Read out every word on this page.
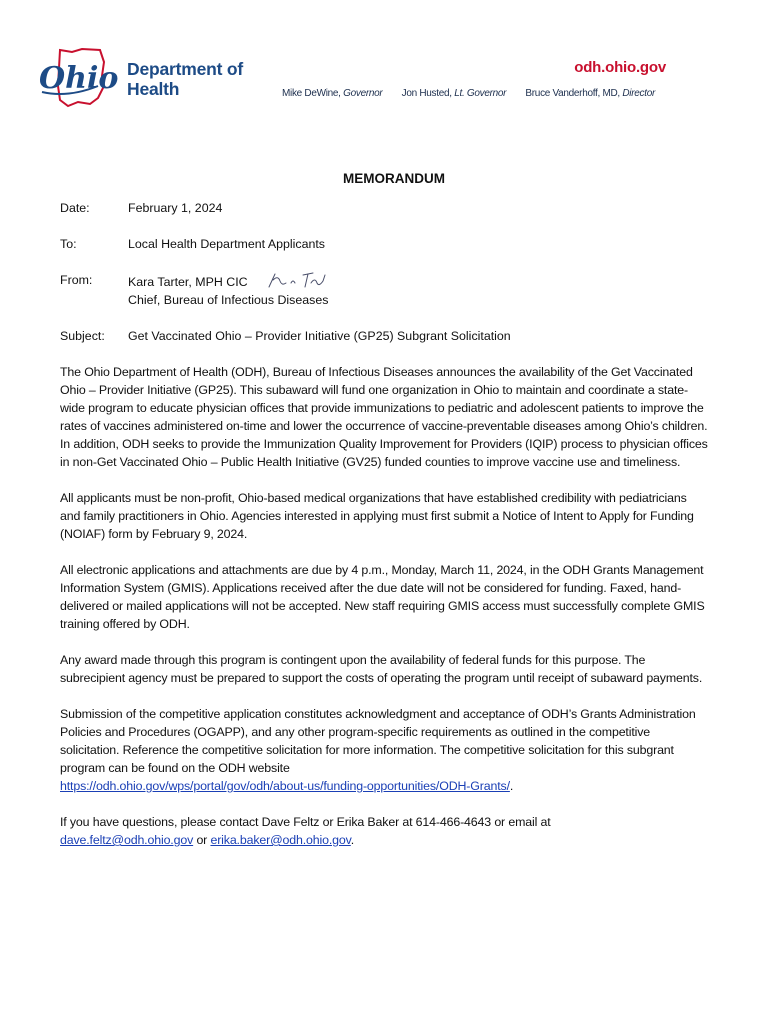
Ohio Department of
Health
odh.ohio.gov
Mike DeWine, Governor Jon Husted, Lt. Governor Bruce Vanderhoff, MD, Director
MEMORANDUM
Date:	February 1, 2024
To:	Local Health Department Applicants
From:	Kara Tarter, MPH CIC
Chief, Bureau of Infectious Diseases
Subject:	Get Vaccinated Ohio – Provider Initiative (GP25) Subgrant Solicitation

The Ohio Department of Health (ODH), Bureau of Infectious Diseases announces the availability of the Get Vaccinated Ohio – Provider Initiative (GP25). This subaward will fund one organization in Ohio to maintain and coordinate a state-wide program to educate physician offices that provide immunizations to pediatric and adolescent patients to improve the rates of vaccines administered on-time and lower the occurrence of vaccine-preventable diseases among Ohio’s children. In addition, ODH seeks to provide the Immunization Quality Improvement for Providers (IQIP) process to physician offices in non-Get Vaccinated Ohio – Public Health Initiative (GV25) funded counties to improve vaccine use and timeliness.

All applicants must be non-profit, Ohio-based medical organizations that have established credibility with pediatricians and family practitioners in Ohio. Agencies interested in applying must first submit a Notice of Intent to Apply for Funding (NOIAF) form by February 9, 2024.

All electronic applications and attachments are due by 4 p.m., Monday, March 11, 2024, in the ODH Grants Management Information System (GMIS). Applications received after the due date will not be considered for funding. Faxed, hand-delivered or mailed applications will not be accepted. New staff requiring GMIS access must successfully complete GMIS training offered by ODH.

Any award made through this program is contingent upon the availability of federal funds for this purpose. The subrecipient agency must be prepared to support the costs of operating the program until receipt of subaward payments.

Submission of the competitive application constitutes acknowledgment and acceptance of ODH’s Grants Administration Policies and Procedures (OGAPP), and any other program-specific requirements as outlined in the competitive solicitation. Reference the competitive solicitation for more information. The competitive solicitation for this subgrant program can be found on the ODH website
https://odh.ohio.gov/wps/portal/gov/odh/about-us/funding-opportunities/ODH-Grants/.

If you have questions, please contact Dave Feltz or Erika Baker at 614-466-4643 or email at
dave.feltz@odh.ohio.gov or erika.baker@odh.ohio.gov.
